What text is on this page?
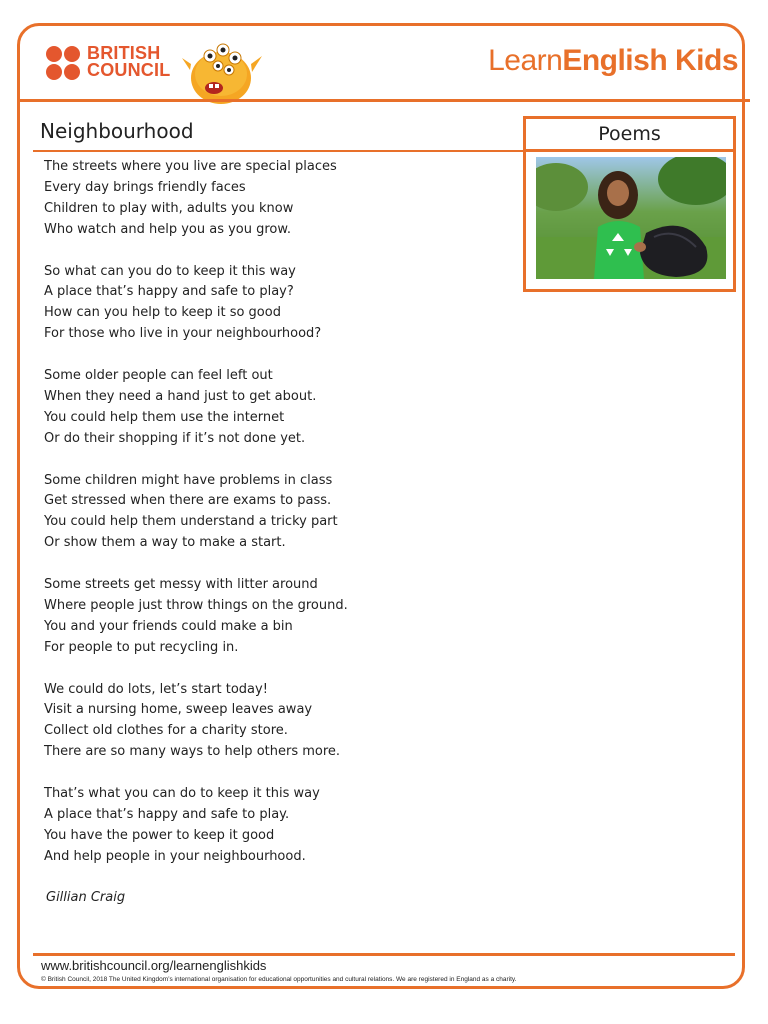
BRITISH
COUNCIL	LearnEnglish Kids
Neighbourhood	Poems
The streets where you live are special places
Every day brings friendly faces
Children to play with, adults you know
Who watch and help you as you grow.
So what can you do to keep it this way
A place that’s happy and safe to play?
How can you help to keep it so good
For those who live in your neighbourhood?
Some older people can feel left out
When they need a hand just to get about.
You could help them use the internet
Or do their shopping if it’s not done yet.
Some children might have problems in class
Get stressed when there are exams to pass.
You could help them understand a tricky part
Or show them a way to make a start.
Some streets get messy with litter around
Where people just throw things on the ground.
You and your friends could make a bin
For people to put recycling in.
We could do lots, let’s start today!
Visit a nursing home, sweep leaves away
Collect old clothes for a charity store.
There are so many ways to help others more.
That’s what you can do to keep it this way
A place that’s happy and safe to play.
You have the power to keep it good
And help people in your neighbourhood.
Gillian Craig
www.britishcouncil.org/learnenglishkids
© British Council, 2018 The United Kingdom’s international organisation for educational opportunities and cultural relations. We are registered in England as a charity.
